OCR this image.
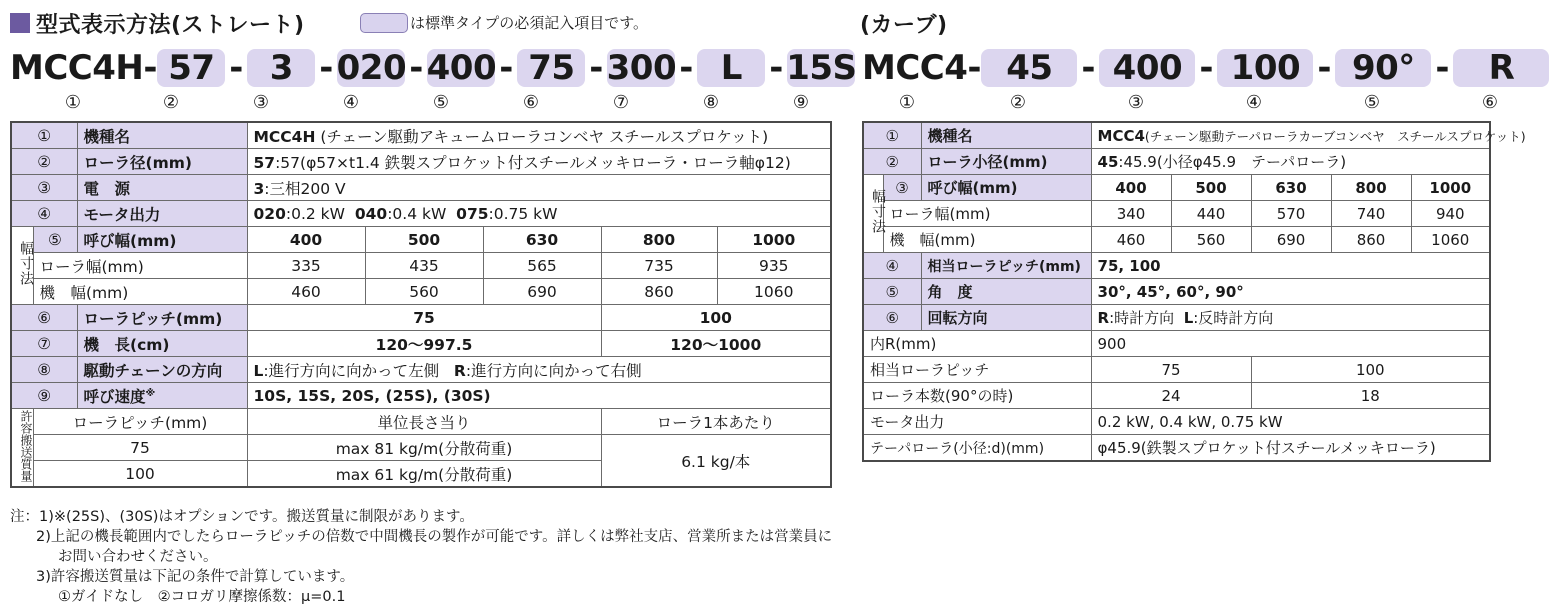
型式表示方法(ストレート)	は標準タイプの必須記入項目です。
MCC4H - 57 - 3 - 020 - 400 - 75 - 300 - L - 15S
①	②	③	④	⑤	⑥	⑦	⑧	⑨
①		機種名	MCC4H (チェーン駆動アキュームローラコンベヤ スチールスプロケット)				
②		ローラ径(mm)	57:57(φ57×t1.4 鉄製スプロケット付スチールメッキローラ・ローラ軸φ12)				
③		電　源	3:三相200 V				
④		モータ出力	020:0.2 kW 040:0.4 kW 075:0.75 kW				
幅寸法	⑤	呼び幅(mm)	400	500	630	800	1000
	ローラ幅(mm)		335	435	565	735	935
	機　幅(mm)		460	560	690	860	1060
⑥		ローラピッチ(mm)	75			100	
⑦		機　長(cm)	120～997.5			120～1000	
⑧		駆動チェーンの方向	L:進行方向に向かって左側 R:進行方向に向かって右側				
⑨		呼び速度※	10S, 15S, 20S, (25S), (30S)				
許容搬送質量	ローラピッチ(mm)		単位長さ当り			ローラ1本あたり	
	75		max 81 kg/m(分散荷重)			6.1 kg/本	
	100		max 61 kg/m(分散荷重)				
注：1)※(25S)、(30S)はオプションです。搬送質量に制限があります。
2)上記の機長範囲内でしたらローラピッチの倍数で中間機長の製作が可能です。詳しくは弊社支店、営業所または営業員に
お問い合わせください。
3)許容搬送質量は下記の条件で計算しています。
①ガイドなし　②コロガリ摩擦係数：μ=0.1
(カーブ)
MCC4 - 45 - 400 - 100 - 90° -	R
①	②	③	④	⑤	⑥
①		機種名	MCC4(チェーン駆動テーパローラカーブコンベヤ　スチールスプロケット)				
②		ローラ小径(mm)	45:45.9(小径φ45.9　テーパローラ)				
幅寸法	③	呼び幅(mm)	400	500	630	800	1000
	ローラ幅(mm)		340	440	570	740	940
	機　幅(mm)		460	560	690	860	1060
④		相当ローラピッチ(mm)	75, 100				
⑤		角　度	30°, 45°, 60°, 90°				
⑥		回転方向	R:時計方向 L:反時計方向				
内R(mm)			900				
相当ローラピッチ			75		100		
ローラ本数(90°の時)			24		18		
モータ出力			0.2 kW, 0.4 kW, 0.75 kW				
テーパローラ(小径:d)(mm)			φ45.9(鉄製スプロケット付スチールメッキローラ)				
